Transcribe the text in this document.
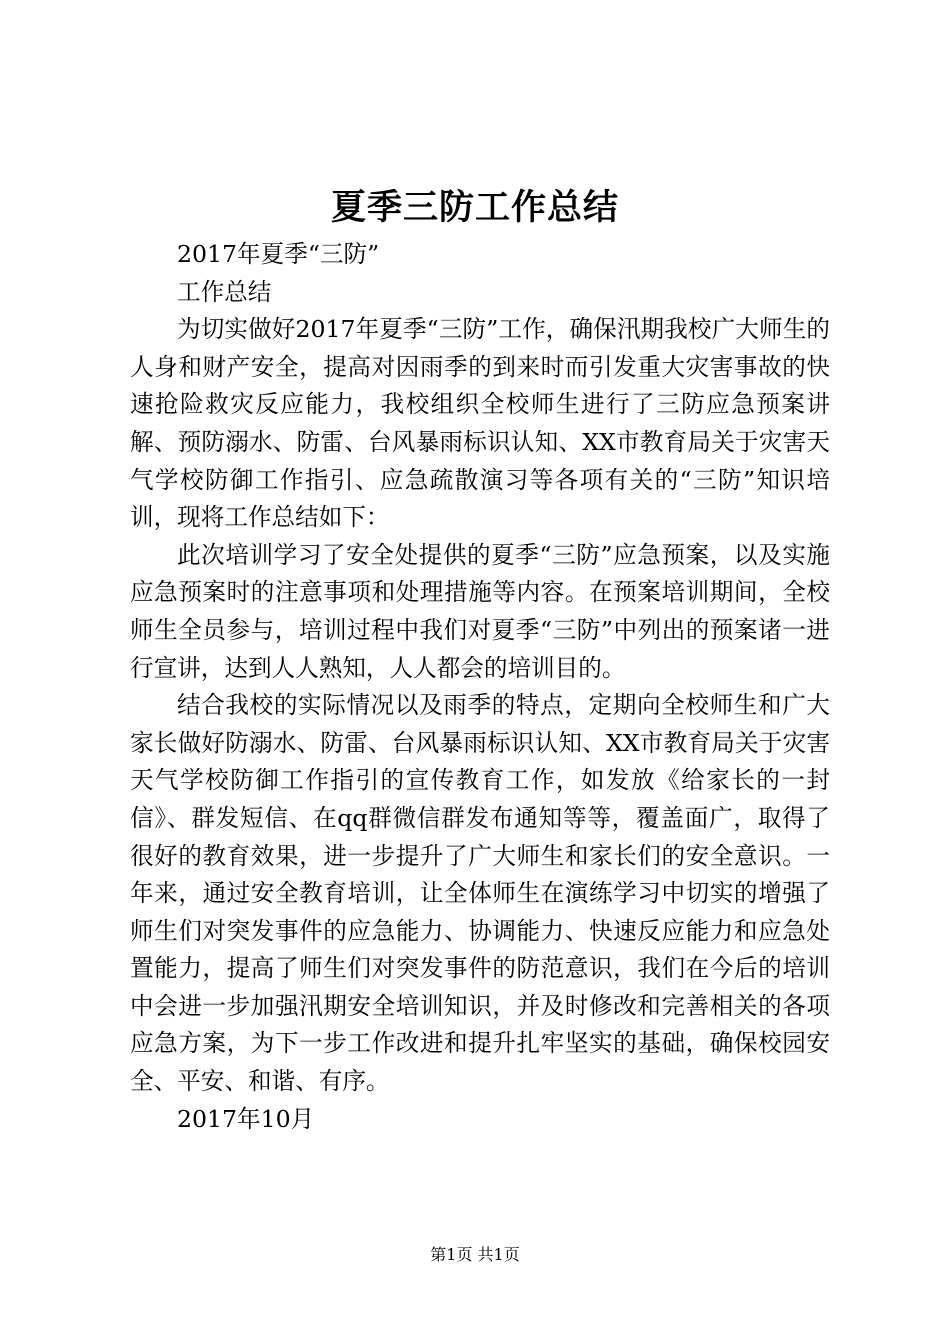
夏季三防工作总结

2017年夏季“三防”

工作总结

为切实做好2017年夏季“三防”工作，确保汛期我校广大师生的人身和财产安全，提高对因雨季的到来时而引发重大灾害事故的快速抢险救灾反应能力，我校组织全校师生进行了三防应急预案讲解、预防溺水、防雷、台风暴雨标识认知、XX市教育局关于灾害天气学校防御工作指引、应急疏散演习等各项有关的“三防”知识培训，现将工作总结如下：

此次培训学习了安全处提供的夏季“三防”应急预案，以及实施应急预案时的注意事项和处理措施等内容。在预案培训期间，全校师生全员参与，培训过程中我们对夏季“三防”中列出的预案诸一进行宣讲，达到人人熟知，人人都会的培训目的。

结合我校的实际情况以及雨季的特点，定期向全校师生和广大家长做好防溺水、防雷、台风暴雨标识认知、XX市教育局关于灾害天气学校防御工作指引的宣传教育工作，如发放《给家长的一封信》、群发短信、在qq群微信群发布通知等等，覆盖面广，取得了很好的教育效果，进一步提升了广大师生和家长们的安全意识。一年来，通过安全教育培训，让全体师生在演练学习中切实的增强了师生们对突发事件的应急能力、协调能力、快速反应能力和应急处置能力，提高了师生们对突发事件的防范意识，我们在今后的培训中会进一步加强汛期安全培训知识，并及时修改和完善相关的各项应急方案，为下一步工作改进和提升扎牢坚实的基础，确保校园安全、平安、和谐、有序。

2017年10月

第1页 共1页
